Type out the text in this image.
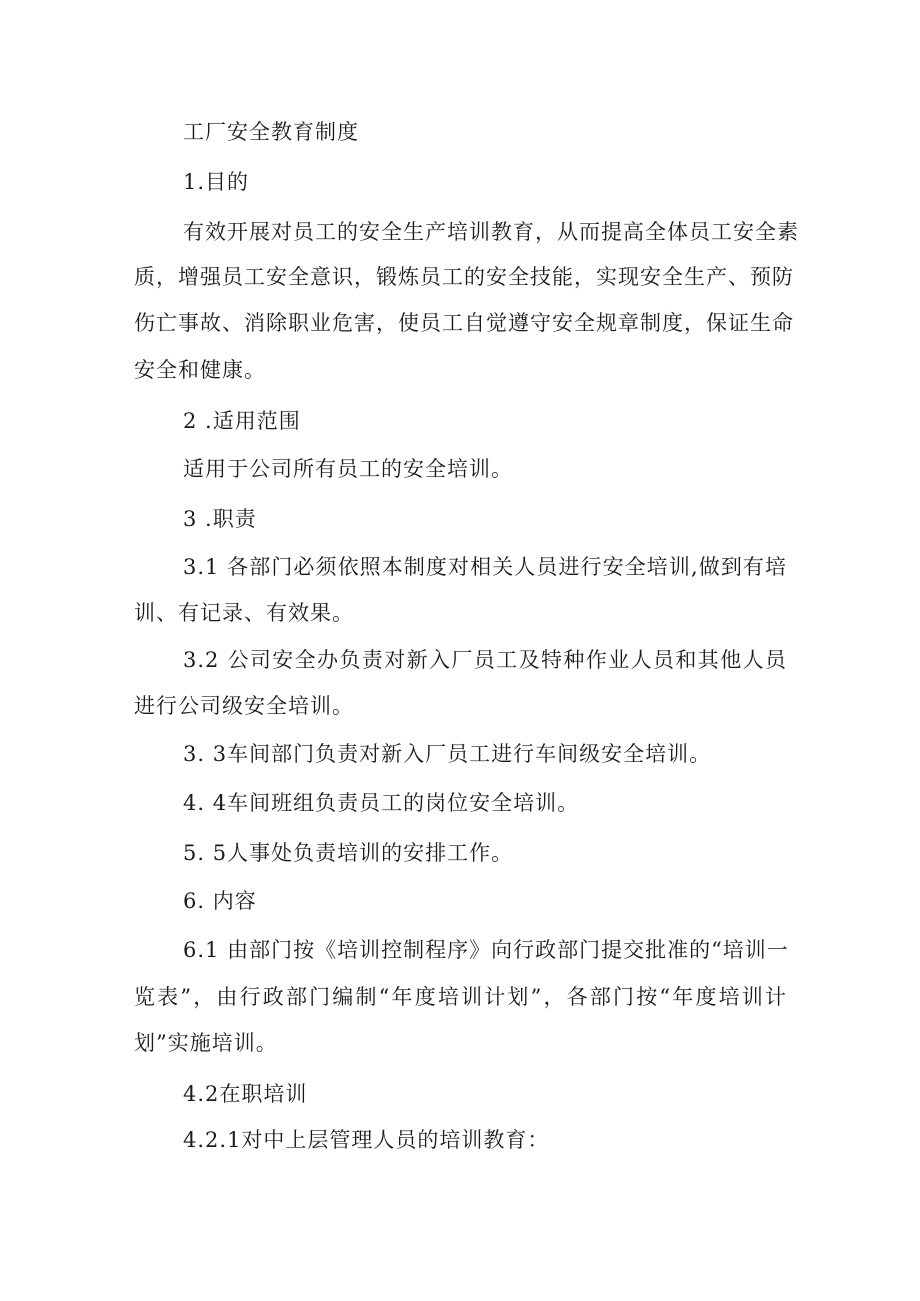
工厂安全教育制度
1.目的
有效开展对员工的安全生产培训教育，从而提高全体员工安全素
质，增强员工安全意识，锻炼员工的安全技能，实现安全生产、预防
伤亡事故、消除职业危害，使员工自觉遵守安全规章制度，保证生命
安全和健康。
2 .适用范围
适用于公司所有员工的安全培训。
3 .职责
3.1 各部门必须依照本制度对相关人员进行安全培训,做到有培
训、有记录、有效果。
3.2 公司安全办负责对新入厂员工及特种作业人员和其他人员
进行公司级安全培训。
3. 3车间部门负责对新入厂员工进行车间级安全培训。
4. 4车间班组负责员工的岗位安全培训。
5. 5人事处负责培训的安排工作。
6. 内容
6.1 由部门按《培训控制程序》向行政部门提交批准的“培训一
览表”，由行政部门编制“年度培训计划”，各部门按“年度培训计
划”实施培训。
4.2在职培训
4.2.1对中上层管理人员的培训教育：
